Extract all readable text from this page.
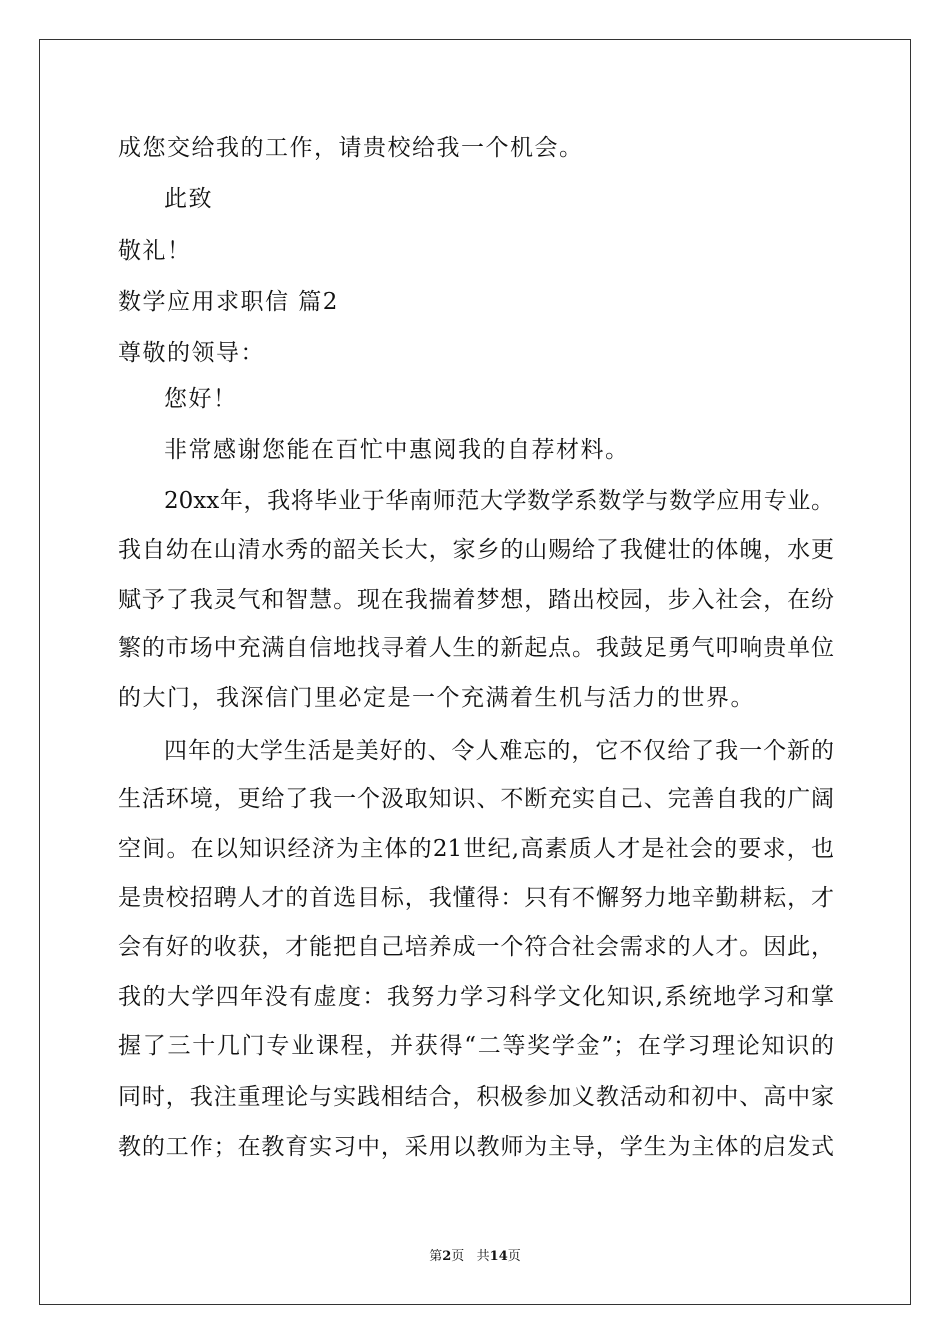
成您交给我的工作，请贵校给我一个机会。
此致
敬礼！
数学应用求职信 篇2
尊敬的领导：
您好！
非常感谢您能在百忙中惠阅我的自荐材料。
20xx年，我将毕业于华南师范大学数学系数学与数学应用专业。
我自幼在山清水秀的韶关长大，家乡的山赐给了我健壮的体魄，水更
赋予了我灵气和智慧。现在我揣着梦想，踏出校园，步入社会，在纷
繁的市场中充满自信地找寻着人生的新起点。我鼓足勇气叩响贵单位
的大门，我深信门里必定是一个充满着生机与活力的世界。
四年的大学生活是美好的、令人难忘的，它不仅给了我一个新的
生活环境，更给了我一个汲取知识、不断充实自己、完善自我的广阔
空间。在以知识经济为主体的21世纪,高素质人才是社会的要求，也
是贵校招聘人才的首选目标，我懂得：只有不懈努力地辛勤耕耘，才
会有好的收获，才能把自己培养成一个符合社会需求的人才。因此，
我的大学四年没有虚度：我努力学习科学文化知识,系统地学习和掌
握了三十几门专业课程，并获得“二等奖学金”；在学习理论知识的
同时，我注重理论与实践相结合，积极参加义教活动和初中、高中家
教的工作；在教育实习中，采用以教师为主导，学生为主体的启发式
第2页   共14页
